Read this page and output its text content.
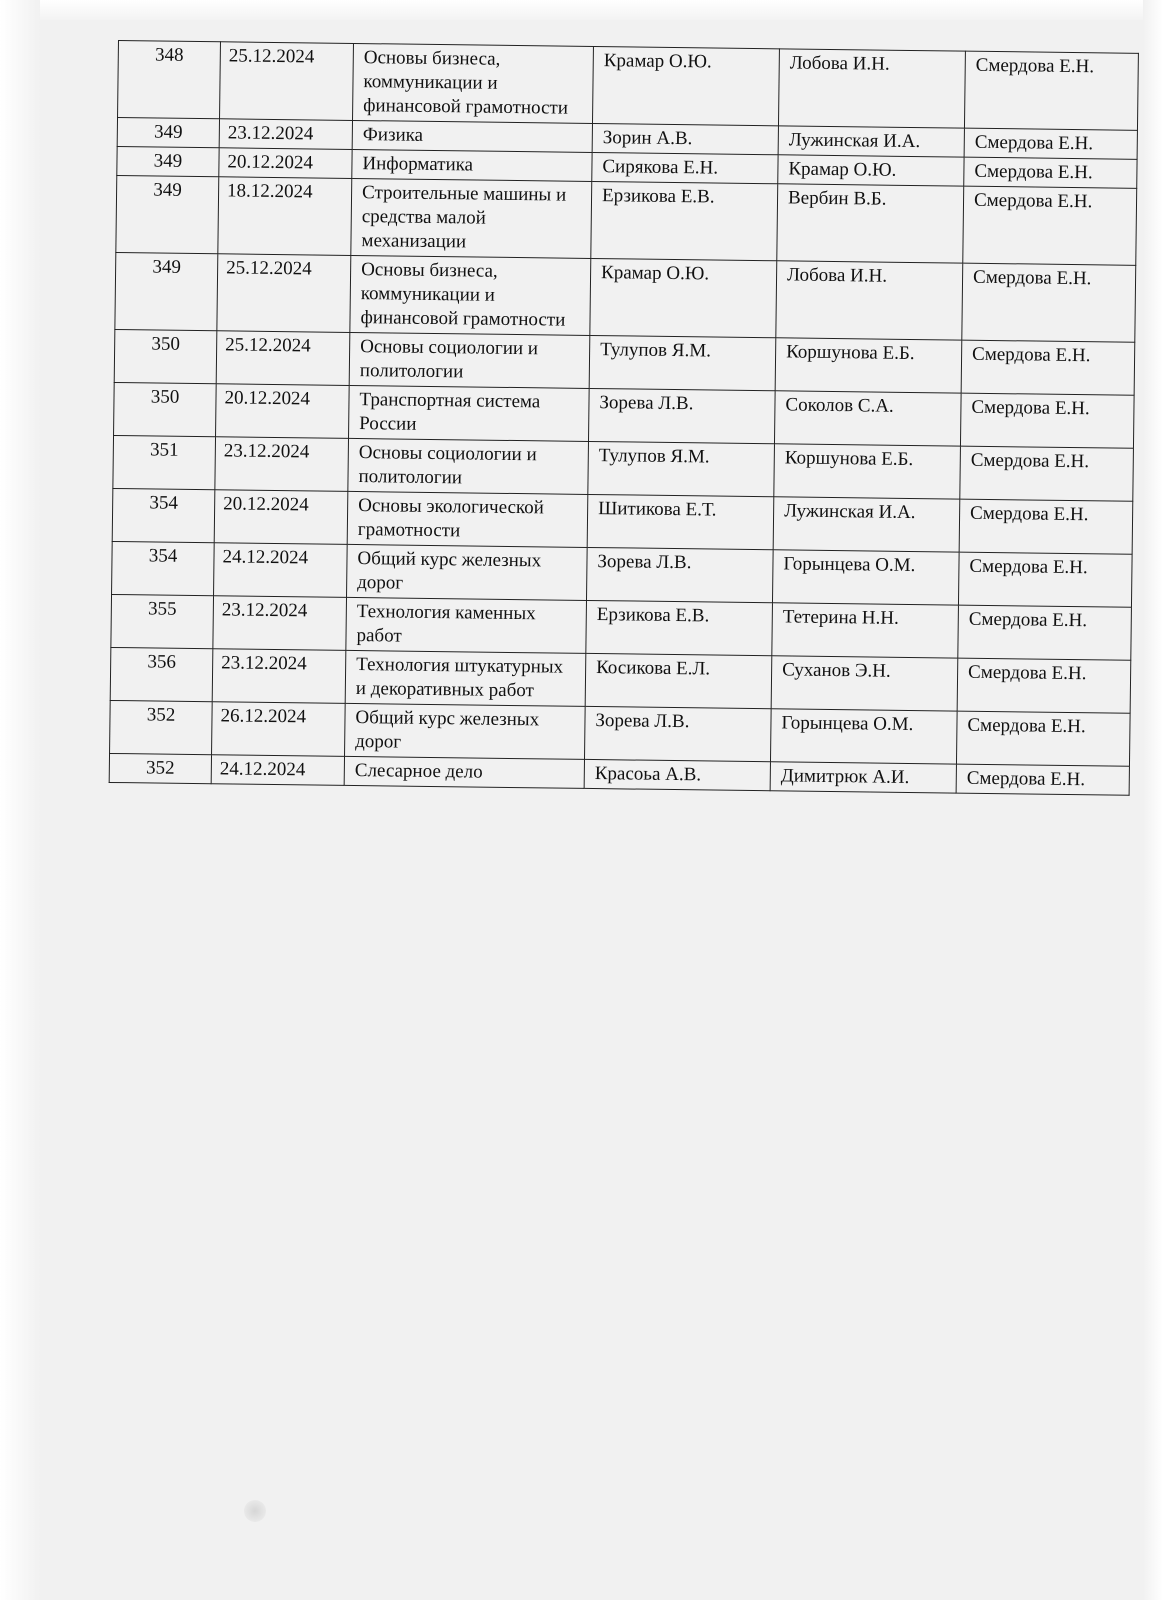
348	25.12.2024	Основы бизнеса, коммуникации и финансовой грамотности	Крамар О.Ю.	Лобова И.Н.	Смердова Е.Н.
349	23.12.2024	Физика	Зорин А.В.	Лужинская И.А.	Смердова Е.Н.
349	20.12.2024	Информатика	Сирякова Е.Н.	Крамар О.Ю.	Смердова Е.Н.
349	18.12.2024	Строительные машины и средства малой механизации	Ерзикова Е.В.	Вербин В.Б.	Смердова Е.Н.
349	25.12.2024	Основы бизнеса, коммуникации и финансовой грамотности	Крамар О.Ю.	Лобова И.Н.	Смердова Е.Н.
350	25.12.2024	Основы социологии и политологии	Тулупов Я.М.	Коршунова Е.Б.	Смердова Е.Н.
350	20.12.2024	Транспортная система России	Зорева Л.В.	Соколов С.А.	Смердова Е.Н.
351	23.12.2024	Основы социологии и политологии	Тулупов Я.М.	Коршунова Е.Б.	Смердова Е.Н.
354	20.12.2024	Основы экологической грамотности	Шитикова Е.Т.	Лужинская И.А.	Смердова Е.Н.
354	24.12.2024	Общий курс железных дорог	Зорева Л.В.	Горынцева О.М.	Смердова Е.Н.
355	23.12.2024	Технология каменных работ	Ерзикова Е.В.	Тетерина Н.Н.	Смердова Е.Н.
356	23.12.2024	Технология штукатурных и декоративных работ	Косикова Е.Л.	Суханов Э.Н.	Смердова Е.Н.
352	26.12.2024	Общий курс железных дорог	Зорева Л.В.	Горынцева О.М.	Смердова Е.Н.
352	24.12.2024	Слесарное дело	Красоьа А.В.	Димитрюк А.И.	Смердова Е.Н.
